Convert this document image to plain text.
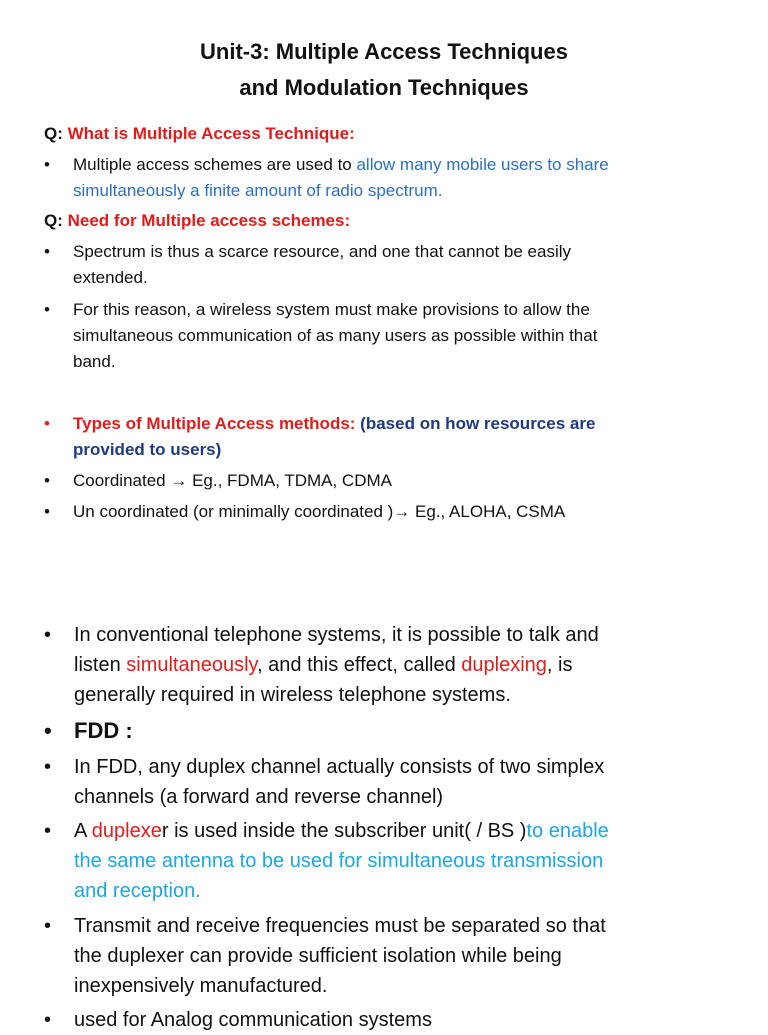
Unit-3: Multiple Access Techniques
and Modulation Techniques
Q: What is Multiple Access Technique:
•	Multiple access schemes are used to allow many mobile users to share
simultaneously a finite amount of radio spectrum.
Q: Need for Multiple access schemes:
•	Spectrum is thus a scarce resource, and one that cannot be easily
extended.
•	For this reason, a wireless system must make provisions to allow the
simultaneous communication of as many users as possible within that
band.
•	Types of Multiple Access methods: (based on how resources are
provided to users)
•	Coordinated → Eg., FDMA, TDMA, CDMA
•	Un coordinated (or minimally coordinated )→ Eg., ALOHA, CSMA
•	In conventional telephone systems, it is possible to talk and
listen simultaneously, and this effect, called duplexing, is
generally required in wireless telephone systems.
•	FDD :
•	In FDD, any duplex channel actually consists of two simplex
channels (a forward and reverse channel)
•	A duplexer is used inside the subscriber unit( / BS )to enable
the same antenna to be used for simultaneous transmission
and reception.
•	Transmit and receive frequencies must be separated so that
the duplexer can provide sufficient isolation while being
inexpensively manufactured.
•	used for Analog communication systems
